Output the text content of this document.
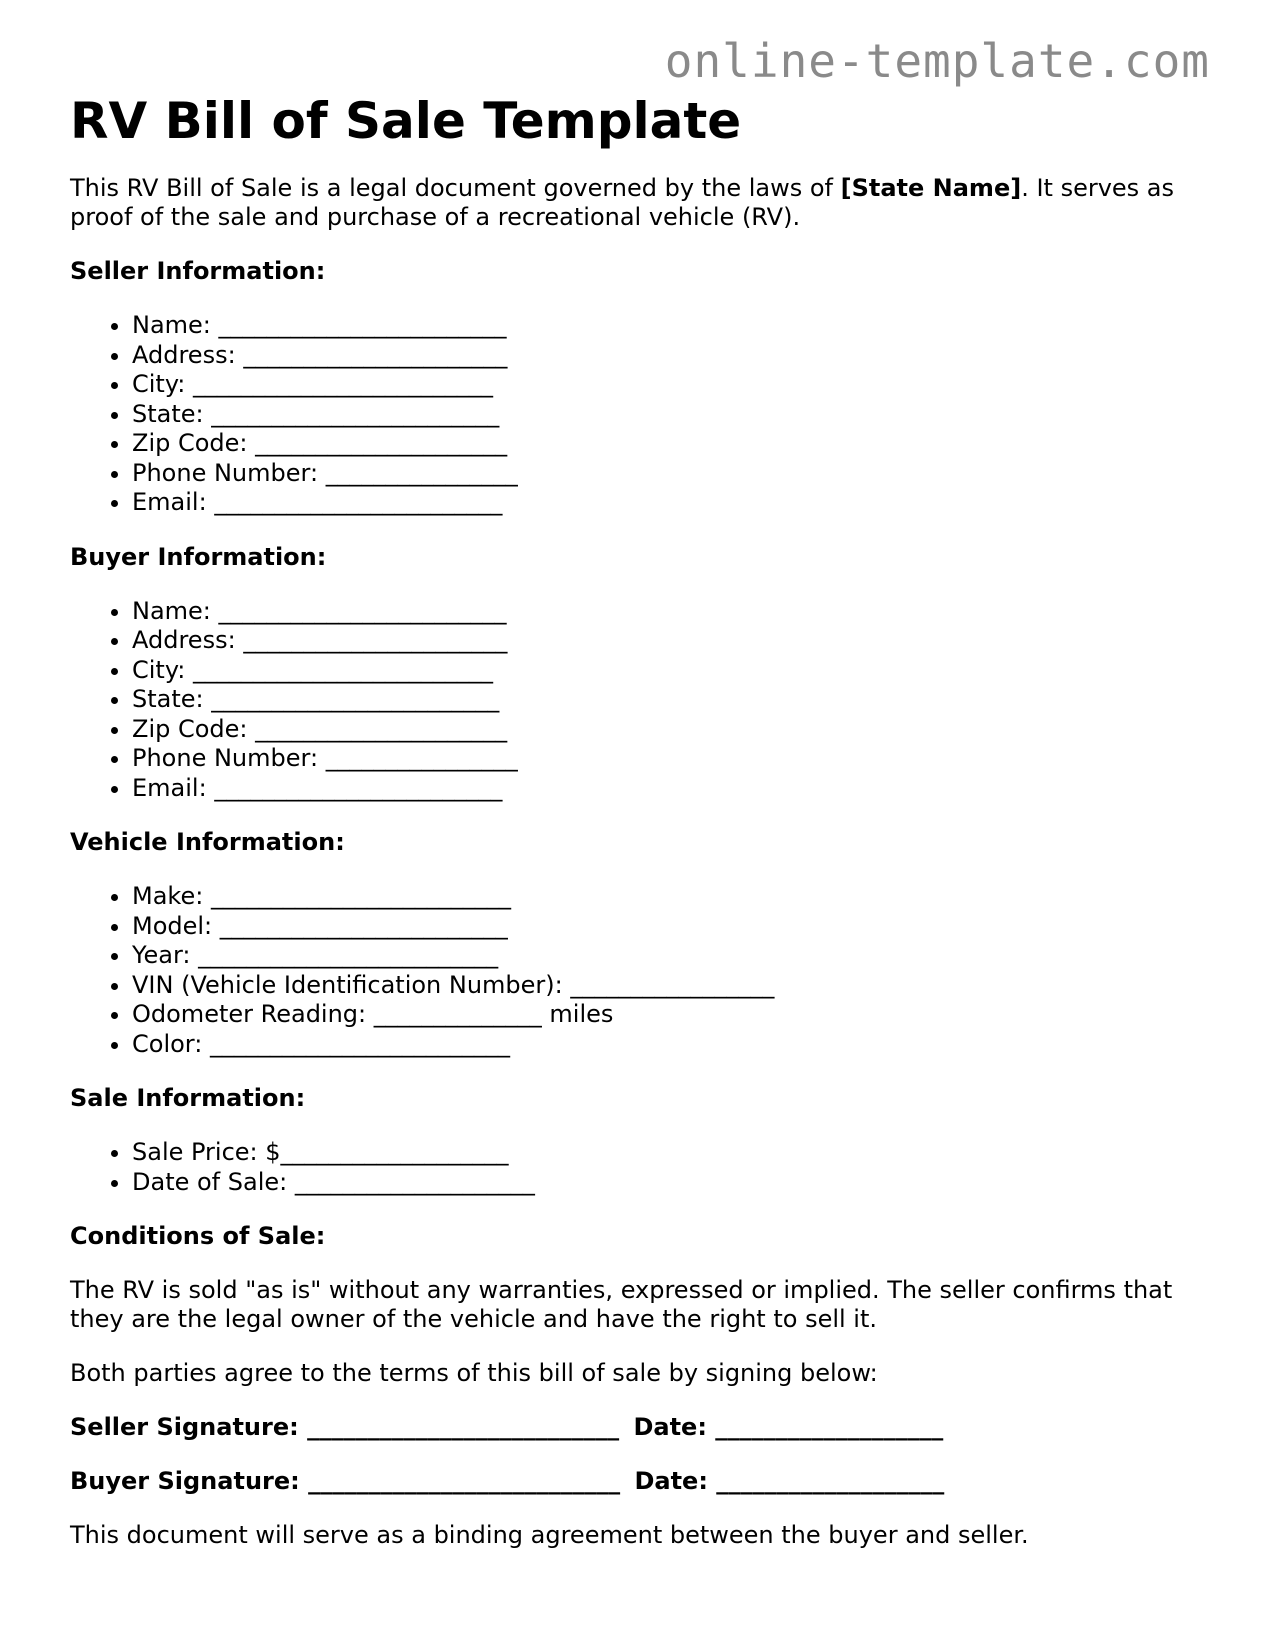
online-template.com
RV Bill of Sale Template

This RV Bill of Sale is a legal document governed by the laws of [State Name]. It serves as proof of the sale and purchase of a recreational vehicle (RV).

Seller Information:

• Name: ________________________
• Address: ______________________
• City: _________________________
• State: ________________________
• Zip Code: _____________________
• Phone Number: ________________
• Email: ________________________

Buyer Information:

• Name: ________________________
• Address: ______________________
• City: _________________________
• State: ________________________
• Zip Code: _____________________
• Phone Number: ________________
• Email: ________________________

Vehicle Information:

• Make: _________________________
• Model: ________________________
• Year: _________________________
• VIN (Vehicle Identification Number): _________________
• Odometer Reading: ______________ miles
• Color: _________________________

Sale Information:

• Sale Price: $___________________
• Date of Sale: ____________________

Conditions of Sale:

The RV is sold "as is" without any warranties, expressed or implied. The seller confirms that they are the legal owner of the vehicle and have the right to sell it.

Both parties agree to the terms of this bill of sale by signing below:

Seller Signature: __________________________ Date: ___________________

Buyer Signature: __________________________ Date: ___________________

This document will serve as a binding agreement between the buyer and seller.
